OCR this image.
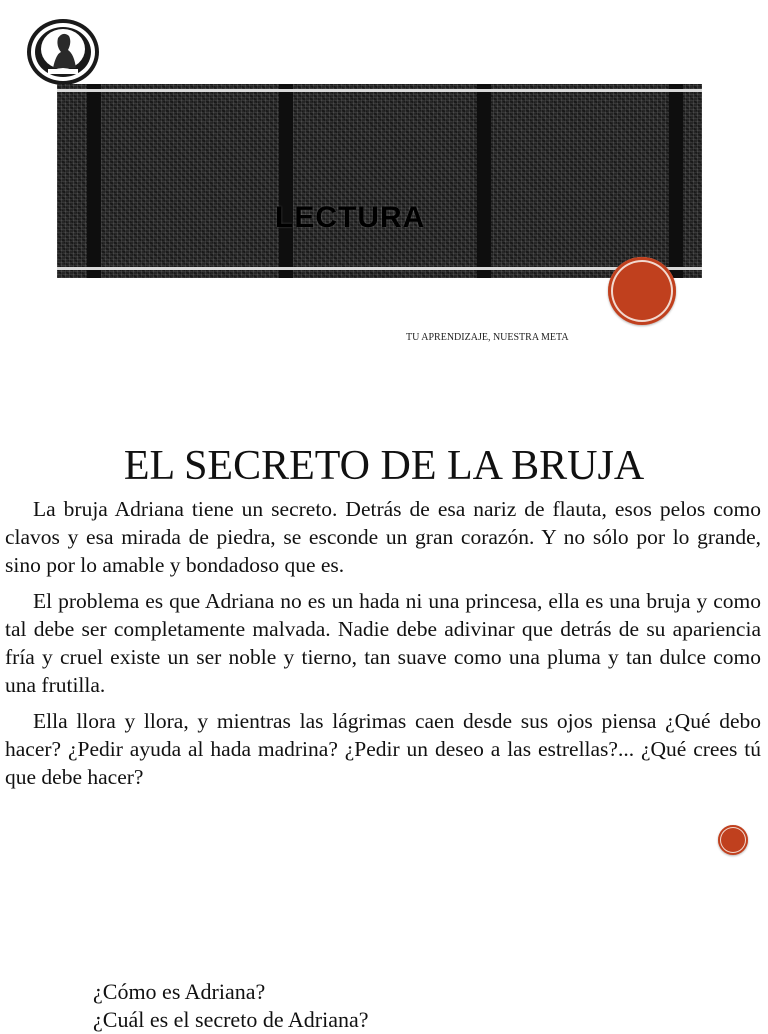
LECTURA
TU APRENDIZAJE, NUESTRA META
EL SECRETO DE LA BRUJA

La bruja Adriana tiene un secreto. Detrás de esa nariz de flauta, esos pelos como clavos y esa mirada de piedra, se esconde un gran corazón. Y no sólo por lo grande, sino por lo amable y bondadoso que es.

El problema es que Adriana no es un hada ni una princesa, ella es una bruja y como tal debe ser completamente malvada. Nadie debe adivinar que detrás de su apariencia fría y cruel existe un ser noble y tierno, tan suave como una pluma y tan dulce como una frutilla.

Ella llora y llora, y mientras las lágrimas caen desde sus ojos piensa ¿Qué debo hacer? ¿Pedir ayuda al hada madrina? ¿Pedir un deseo a las estrellas?... ¿Qué crees tú que debe hacer?

¿Cómo es Adriana?
¿Cuál es el secreto de Adriana?
